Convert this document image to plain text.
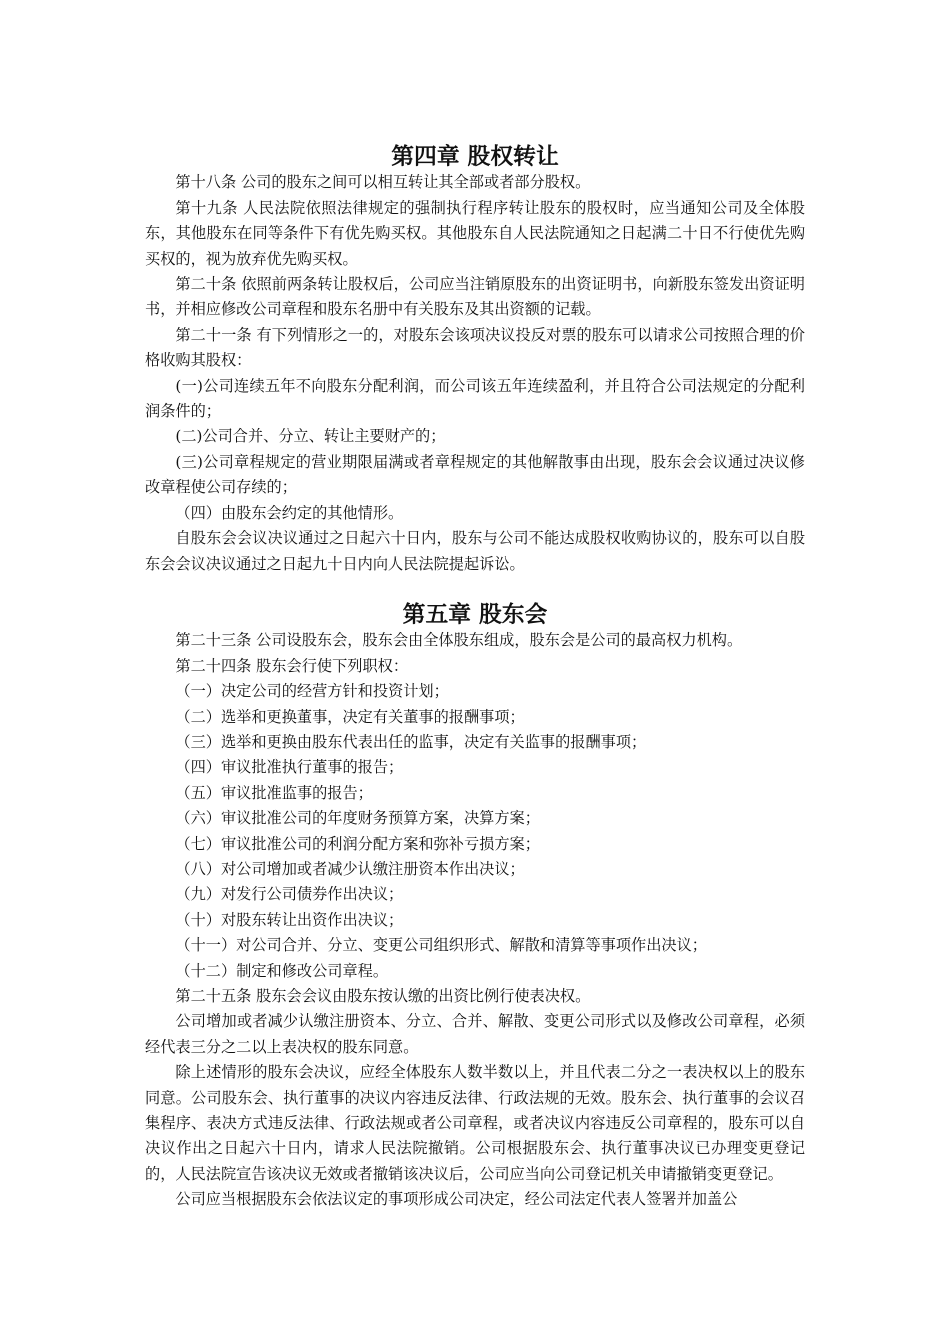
第四章 股权转让

第十八条 公司的股东之间可以相互转让其全部或者部分股权。

第十九条 人民法院依照法律规定的强制执行程序转让股东的股权时，应当通知公司及全体股东，其他股东在同等条件下有优先购买权。其他股东自人民法院通知之日起满二十日不行使优先购买权的，视为放弃优先购买权。

第二十条 依照前两条转让股权后，公司应当注销原股东的出资证明书，向新股东签发出资证明书，并相应修改公司章程和股东名册中有关股东及其出资额的记载。

第二十一条 有下列情形之一的，对股东会该项决议投反对票的股东可以请求公司按照合理的价格收购其股权：

(一)公司连续五年不向股东分配利润，而公司该五年连续盈利，并且符合公司法规定的分配利润条件的；

(二)公司合并、分立、转让主要财产的；

(三)公司章程规定的营业期限届满或者章程规定的其他解散事由出现，股东会会议通过决议修改章程使公司存续的；

（四）由股东会约定的其他情形。

自股东会会议决议通过之日起六十日内，股东与公司不能达成股权收购协议的，股东可以自股东会会议决议通过之日起九十日内向人民法院提起诉讼。

第五章 股东会

第二十三条 公司设股东会，股东会由全体股东组成，股东会是公司的最高权力机构。

第二十四条 股东会行使下列职权：

（一）决定公司的经营方针和投资计划；

（二）选举和更换董事，决定有关董事的报酬事项；

（三）选举和更换由股东代表出任的监事，决定有关监事的报酬事项；

（四）审议批准执行董事的报告；

（五）审议批准监事的报告；

（六）审议批准公司的年度财务预算方案，决算方案；

（七）审议批准公司的利润分配方案和弥补亏损方案；

（八）对公司增加或者减少认缴注册资本作出决议；

（九）对发行公司债券作出决议；

（十）对股东转让出资作出决议；

（十一）对公司合并、分立、变更公司组织形式、解散和清算等事项作出决议；

（十二）制定和修改公司章程。

第二十五条 股东会会议由股东按认缴的出资比例行使表决权。

公司增加或者减少认缴注册资本、分立、合并、解散、变更公司形式以及修改公司章程，必须经代表三分之二以上表决权的股东同意。

除上述情形的股东会决议，应经全体股东人数半数以上，并且代表二分之一表决权以上的股东同意。公司股东会、执行董事的决议内容违反法律、行政法规的无效。股东会、执行董事的会议召集程序、表决方式违反法律、行政法规或者公司章程，或者决议内容违反公司章程的，股东可以自决议作出之日起六十日内，请求人民法院撤销。公司根据股东会、执行董事决议已办理变更登记的，人民法院宣告该决议无效或者撤销该决议后，公司应当向公司登记机关申请撤销变更登记。

公司应当根据股东会依法议定的事项形成公司决定，经公司法定代表人签署并加盖公
